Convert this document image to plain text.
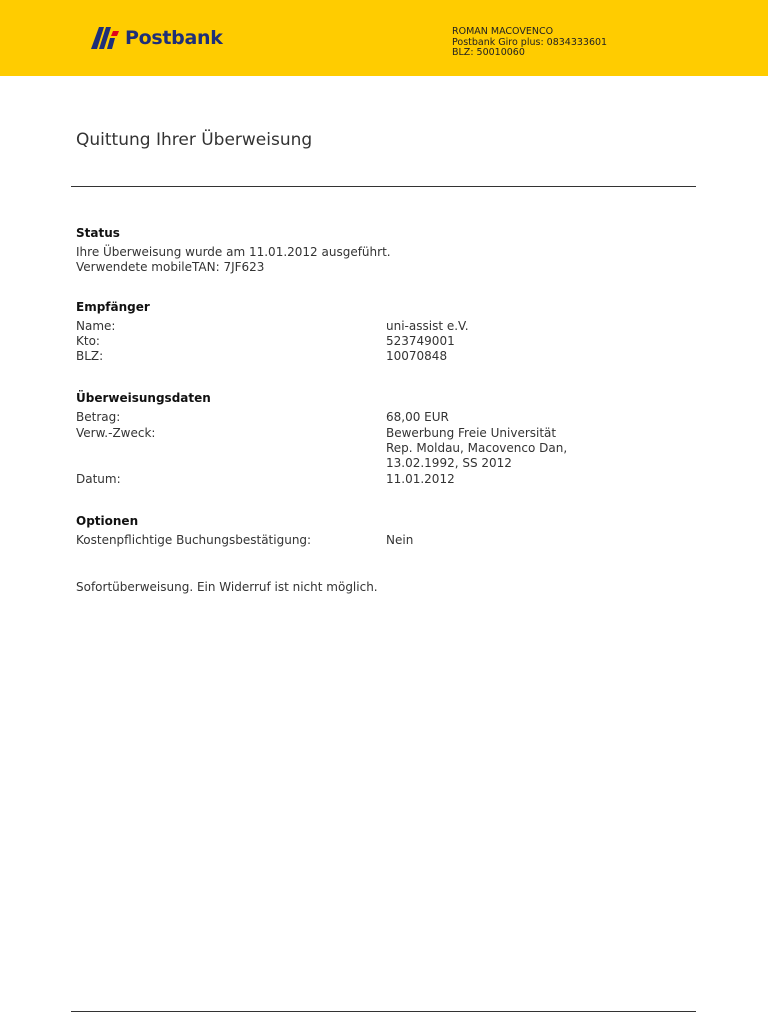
Postbank	ROMAN MACOVENCO
Postbank Giro plus: 0834333601
BLZ: 50010060
Quittung Ihrer Überweisung
Status
Ihre Überweisung wurde am 11.01.2012 ausgeführt.
Verwendete mobileTAN: 7JF623
Empfänger
Name:	uni-assist e.V.
Kto:	523749001
BLZ:	10070848
Überweisungsdaten
Betrag:	68,00 EUR
Verw.-Zweck:	Bewerbung Freie Universität
Rep. Moldau, Macovenco Dan,
13.02.1992, SS 2012
Datum:	11.01.2012
Optionen
Kostenpflichtige Buchungsbestätigung:	Nein
Sofortüberweisung. Ein Widerruf ist nicht möglich.
